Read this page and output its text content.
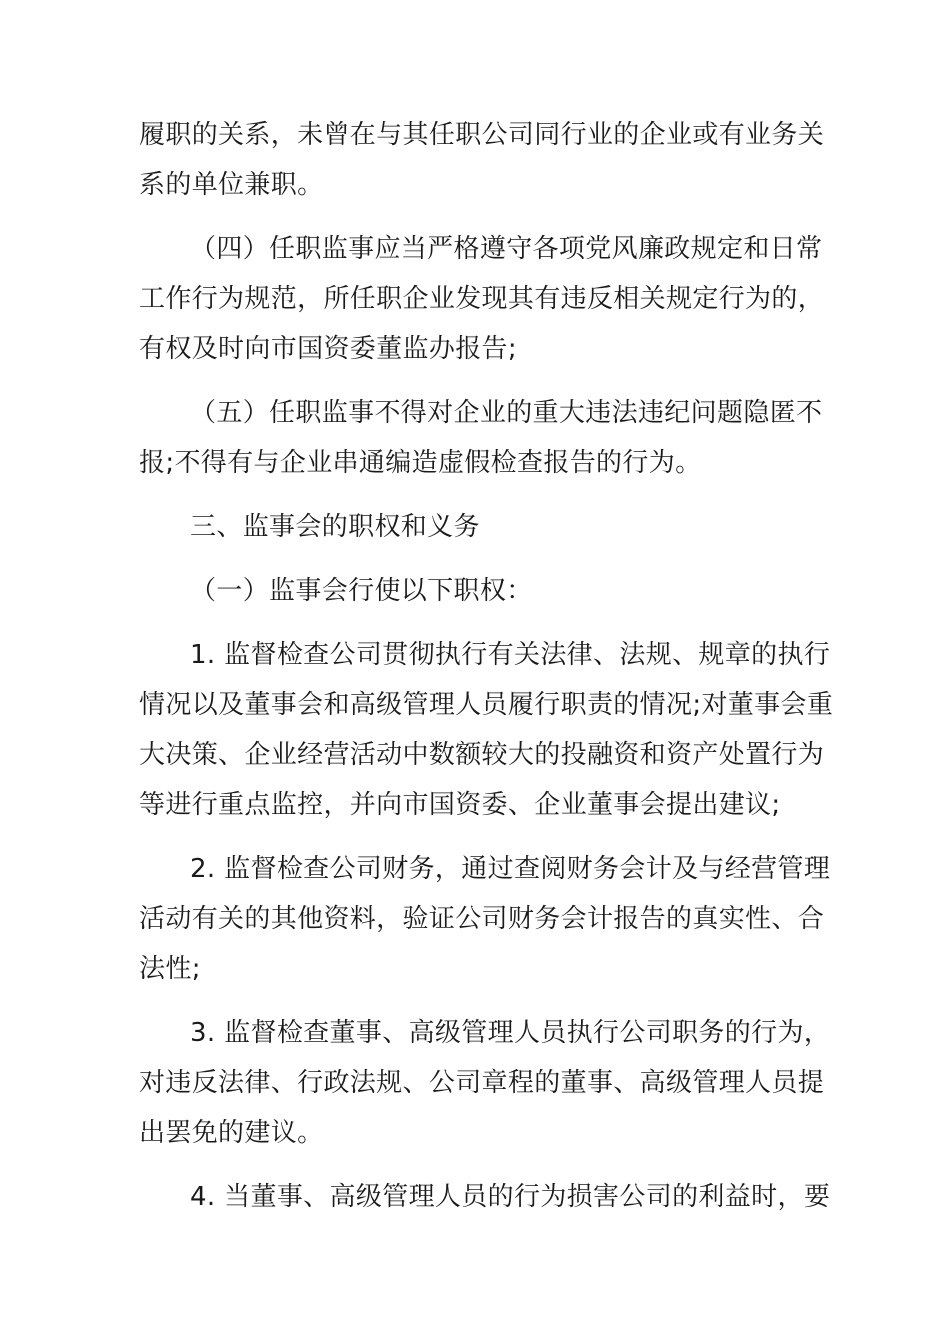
履职的关系，未曾在与其任职公司同行业的企业或有业务关
系的单位兼职。
（四）任职监事应当严格遵守各项党风廉政规定和日常
工作行为规范，所任职企业发现其有违反相关规定行为的，
有权及时向市国资委董监办报告;
（五）任职监事不得对企业的重大违法违纪问题隐匿不
报;不得有与企业串通编造虚假检查报告的行为。
三、监事会的职权和义务
（一）监事会行使以下职权：
1. 监督检查公司贯彻执行有关法律、法规、规章的执行
情况以及董事会和高级管理人员履行职责的情况;对董事会重
大决策、企业经营活动中数额较大的投融资和资产处置行为
等进行重点监控，并向市国资委、企业董事会提出建议;
2. 监督检查公司财务，通过查阅财务会计及与经营管理
活动有关的其他资料，验证公司财务会计报告的真实性、合
法性;
3. 监督检查董事、高级管理人员执行公司职务的行为，
对违反法律、行政法规、公司章程的董事、高级管理人员提
出罢免的建议。
4. 当董事、高级管理人员的行为损害公司的利益时，要
